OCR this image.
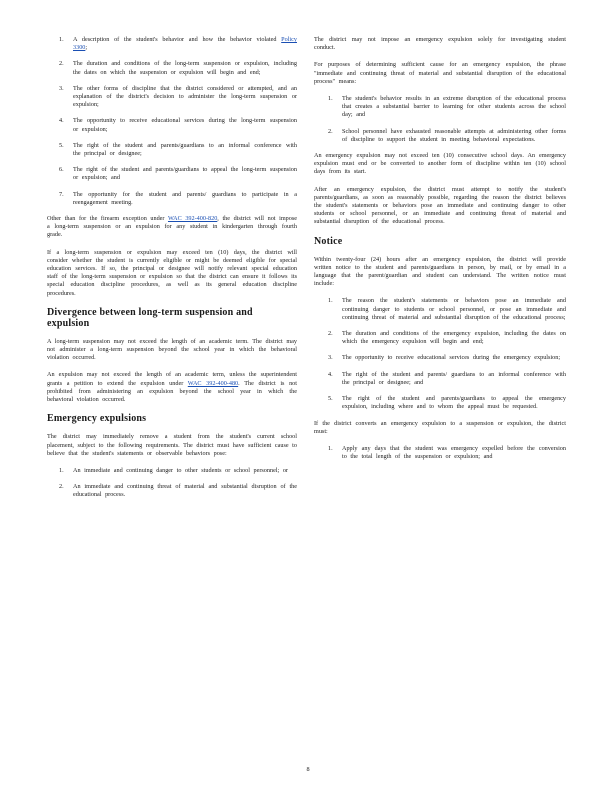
1.	A description of the student's behavior and how the behavior violated Policy 3300;
2.	The duration and conditions of the long-term suspension or expulsion, including the dates on which the suspension or expulsion will begin and end;
3.	The other forms of discipline that the district considered or attempted, and an explanation of the district's decision to administer the long-term suspension or expulsion;
4.	The opportunity to receive educational services during the long-term suspension or expulsion;
5.	The right of the student and parents/guardians to an informal conference with the principal or designee;
6.	The right of the student and parents/guardians to appeal the long-term suspension or expulsion; and
7.	The opportunity for the student and parents/ guardians to participate in a reengagement meeting.

Other than for the firearm exception under WAC 392-400-820, the district will not impose a long-term suspension or an expulsion for any student in kindergarten through fourth grade.

If a long-term suspension or expulsion may exceed ten (10) days, the district will consider whether the student is currently eligible or might be deemed eligible for special education services. If so, the principal or designee will notify relevant special education staff of the long-term suspension or expulsion so that the district can ensure it follows its special education discipline procedures, as well as its general education discipline procedures.

Divergence between long-term suspension and expulsion

A long-term suspension may not exceed the length of an academic term. The district may not administer a long-term suspension beyond the school year in which the behavioral violation occurred.

An expulsion may not exceed the length of an academic term, unless the superintendent grants a petition to extend the expulsion under WAC 392-400-480. The district is not prohibited from administering an expulsion beyond the school year in which the behavioral violation occurred.

Emergency expulsions

The district may immediately remove a student from the student's current school placement, subject to the following requirements. The district must have sufficient cause to believe that the student's statements or observable behaviors pose:

1.	An immediate and continuing danger to other students or school personnel; or
2.	An immediate and continuing threat of material and substantial disruption of the educational process.

The district may not impose an emergency expulsion solely for investigating student conduct.

For purposes of determining sufficient cause for an emergency expulsion, the phrase "immediate and continuing threat of material and substantial disruption of the educational process" means:

1.	The student's behavior results in an extreme disruption of the educational process that creates a substantial barrier to learning for other students across the school day; and
2.	School personnel have exhausted reasonable attempts at administering other forms of discipline to support the student in meeting behavioral expectations.

An emergency expulsion may not exceed ten (10) consecutive school days. An emergency expulsion must end or be converted to another form of discipline within ten (10) school days from its start.

After an emergency expulsion, the district must attempt to notify the student's parents/guardians, as soon as reasonably possible, regarding the reason the district believes the student's statements or behaviors pose an immediate and continuing danger to other students or school personnel, or an immediate and continuing threat of material and substantial disruption of the educational process.

Notice

Within twenty-four (24) hours after an emergency expulsion, the district will provide written notice to the student and parents/guardians in person, by mail, or by email in a language that the parent/guardian and student can understand. The written notice must include:

1.	The reason the student's statements or behaviors pose an immediate and continuing danger to students or school personnel, or pose an immediate and continuing threat of material and substantial disruption of the educational process;
2.	The duration and conditions of the emergency expulsion, including the dates on which the emergency expulsion will begin and end;
3.	The opportunity to receive educational services during the emergency expulsion;
4.	The right of the student and parents/ guardians to an informal conference with the principal or designee; and
5.	The right of the student and parents/guardians to appeal the emergency expulsion, including where and to whom the appeal must be requested.

If the district converts an emergency expulsion to a suspension or expulsion, the district must:

1.	Apply any days that the student was emergency expelled before the conversion to the total length of the suspension or expulsion; and
8
